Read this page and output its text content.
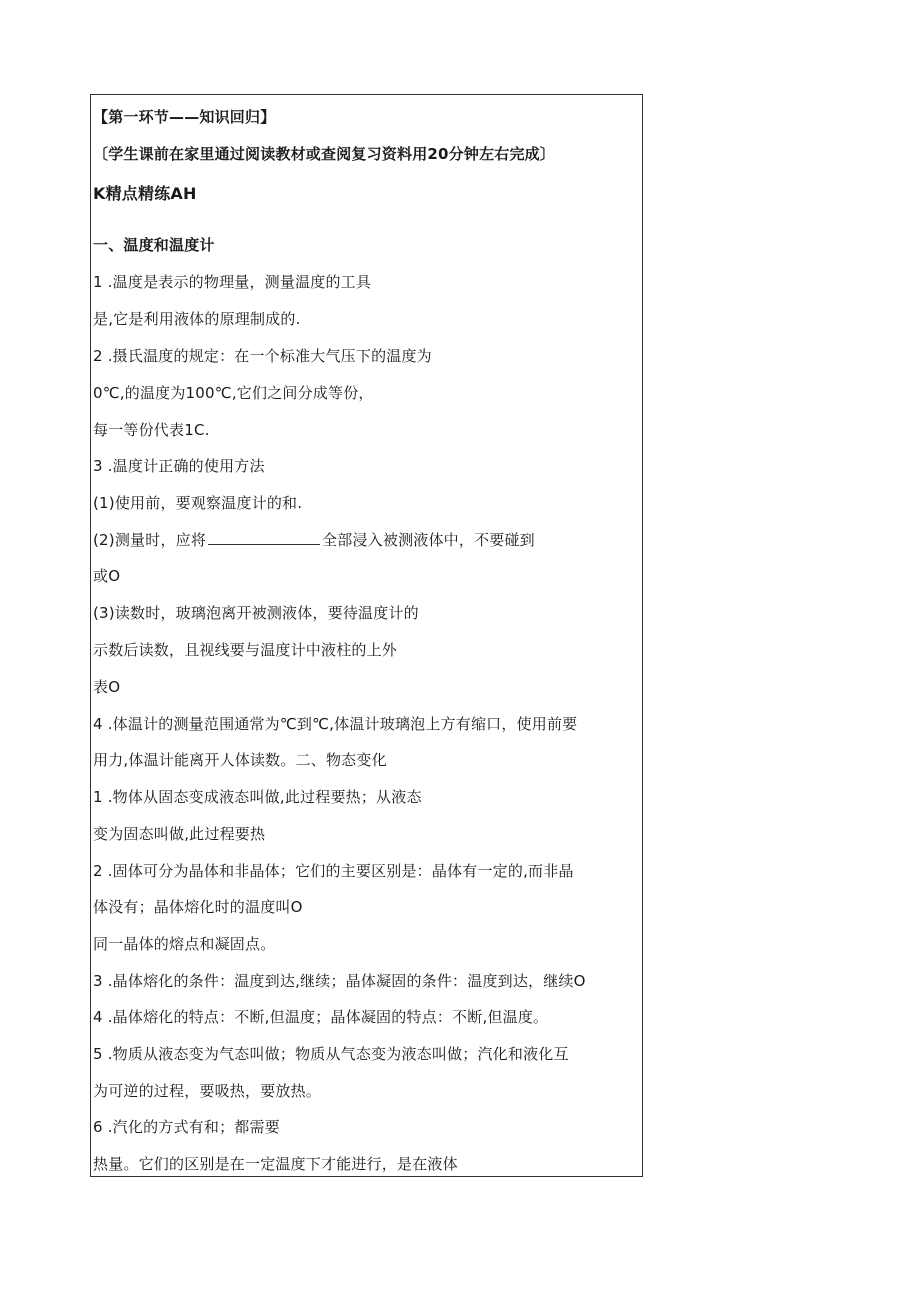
【第一环节——知识回归】
〔学生课前在家里通过阅读教材或查阅复习资料用20分钟左右完成〕
K精点精练AH
一、温度和温度计
1 .温度是表示的物理量，测量温度的工具
是,它是利用液体的原理制成的.
2 .摄氏温度的规定：在一个标准大气压下的温度为
0℃,的温度为100℃,它们之间分成等份，
每一等份代表1C.
3 .温度计正确的使用方法
(1)使用前，要观察温度计的和.
(2)测量时，应将	全部浸入被测液体中，不要碰到
或O
(3)读数时，玻璃泡离开被测液体，要待温度计的
示数后读数，且视线要与温度计中液柱的上外
表O
4 .体温计的测量范围通常为℃到℃,体温计玻璃泡上方有缩口，使用前要
用力,体温计能离开人体读数。二、物态变化
1 .物体从固态变成液态叫做,此过程要热；从液态
变为固态叫做,此过程要热
2 .固体可分为晶体和非晶体；它们的主要区别是：晶体有一定的,而非晶
体没有；晶体熔化时的温度叫O
同一晶体的熔点和凝固点。
3 .晶体熔化的条件：温度到达,继续；晶体凝固的条件：温度到达，继续O
4 .晶体熔化的特点：不断,但温度；晶体凝固的特点：不断,但温度。
5 .物质从液态变为气态叫做；物质从气态变为液态叫做；汽化和液化互
为可逆的过程，要吸热，要放热。
6 .汽化的方式有和；都需要
热量。它们的区别是在一定温度下才能进行，是在液体
